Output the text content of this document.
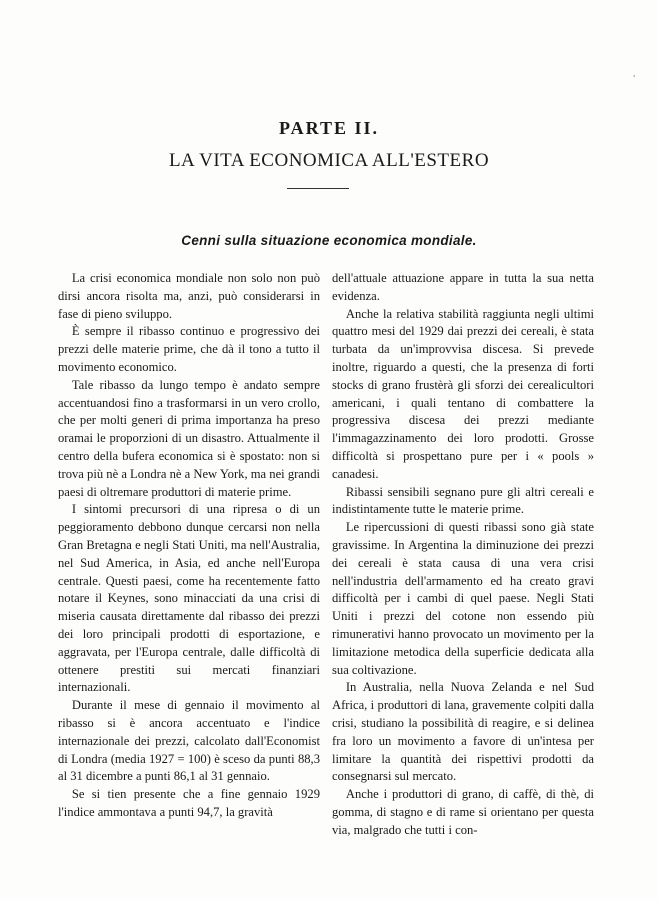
'
PARTE II.
LA VITA ECONOMICA ALL'ESTERO
Cenni sulla situazione economica mondiale.

La crisi economica mondiale non solo non può dirsi ancora risolta ma, anzi, può considerarsi in fase di pieno sviluppo.

È sempre il ribasso continuo e progressivo dei prezzi delle materie prime, che dà il tono a tutto il movimento economico.

Tale ribasso da lungo tempo è andato sempre accentuandosi fino a trasformarsi in un vero crollo, che per molti generi di prima importanza ha preso oramai le proporzioni di un disastro. Attualmente il centro della bufera economica si è spostato: non si trova più nè a Londra nè a New York, ma nei grandi paesi di oltremare produttori di materie prime.

I sintomi precursori di una ripresa o di un peggioramento debbono dunque cercarsi non nella Gran Bretagna e negli Stati Uniti, ma nell'Australia, nel Sud America, in Asia, ed anche nell'Europa centrale. Questi paesi, come ha recentemente fatto notare il Keynes, sono minacciati da una crisi di miseria causata direttamente dal ribasso dei prezzi dei loro principali prodotti di esportazione, e aggravata, per l'Europa centrale, dalle difficoltà di ottenere prestiti sui mercati finanziari internazionali.

Durante il mese di gennaio il movimento al ribasso si è ancora accentuato e l'indice internazionale dei prezzi, calcolato dall'Economist di Londra (media 1927 = 100) è sceso da punti 88,3 al 31 dicembre a punti 86,1 al 31 gennaio.

Se si tien presente che a fine gennaio 1929 l'indice ammontava a punti 94,7, la gravità

dell'attuale attuazione appare in tutta la sua netta evidenza.

Anche la relativa stabilità raggiunta negli ultimi quattro mesi del 1929 dai prezzi dei cereali, è stata turbata da un'improvvisa discesa. Si prevede inoltre, riguardo a questi, che la presenza di forti stocks di grano frustèrà gli sforzi dei cerealicultori americani, i quali tentano di combattere la progressiva discesa dei prezzi mediante l'immagazzinamento dei loro prodotti. Grosse difficoltà si prospettano pure per i « pools » canadesi.

Ribassi sensibili segnano pure gli altri cereali e indistintamente tutte le materie prime.

Le ripercussioni di questi ribassi sono già state gravissime. In Argentina la diminuzione dei prezzi dei cereali è stata causa di una vera crisi nell'industria dell'armamento ed ha creato gravi difficoltà per i cambi di quel paese. Negli Stati Uniti i prezzi del cotone non essendo più rimunerativi hanno provocato un movimento per la limitazione metodica della superficie dedicata alla sua coltivazione.

In Australia, nella Nuova Zelanda e nel Sud Africa, i produttori di lana, gravemente colpiti dalla crisi, studiano la possibilità di reagire, e si delinea fra loro un movimento a favore di un'intesa per limitare la quantità dei rispettivi prodotti da consegnarsi sul mercato.

Anche i produttori di grano, di caffè, di thè, di gomma, di stagno e di rame si orientano per questa via, malgrado che tutti i con-
